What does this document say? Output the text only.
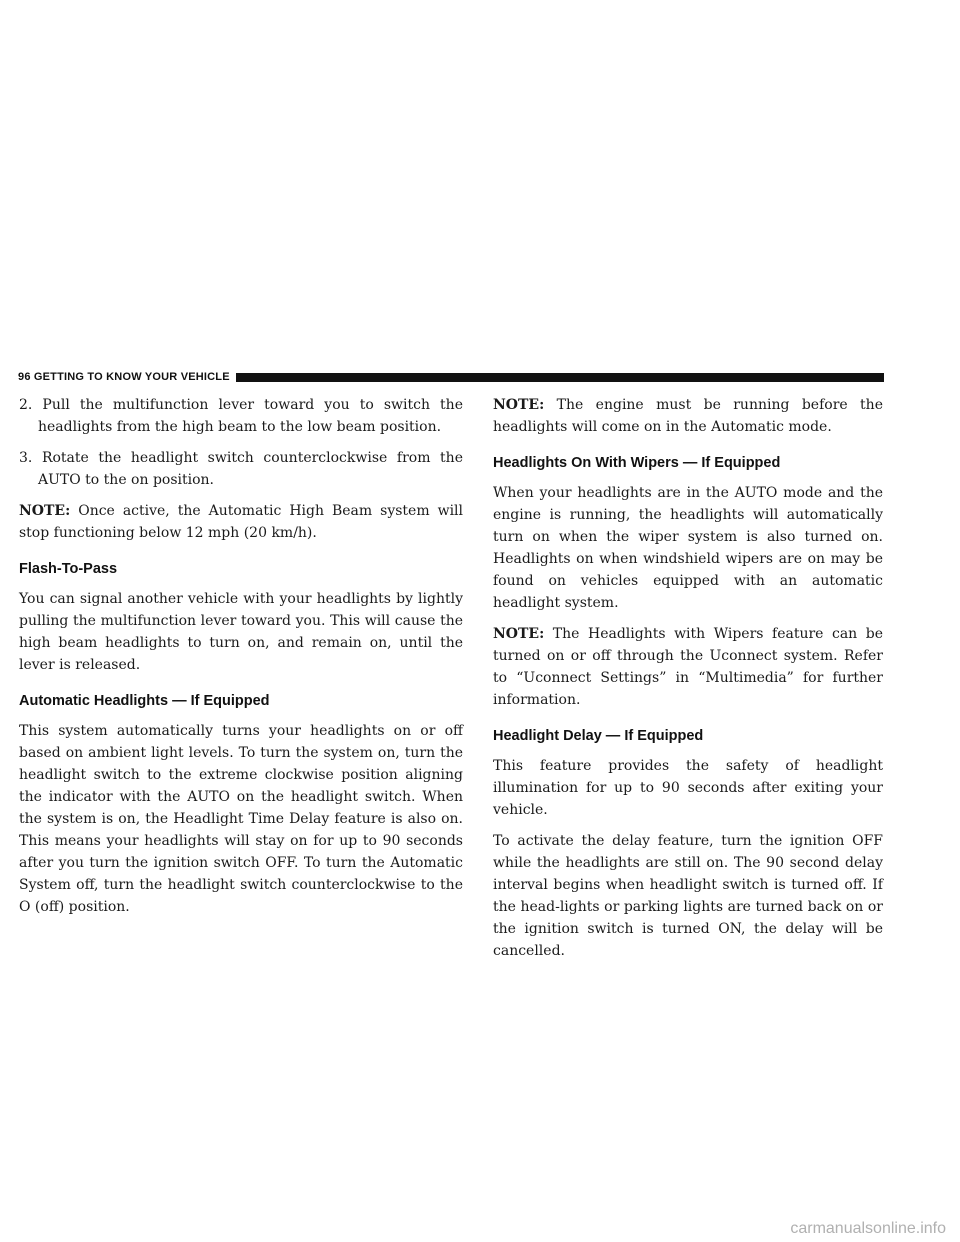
96 GETTING TO KNOW YOUR VEHICLE
2. Pull the multifunction lever toward you to switch the headlights from the high beam to the low beam position.
3. Rotate the headlight switch counterclockwise from the AUTO to the on position.

NOTE: Once active, the Automatic High Beam system will stop functioning below 12 mph (20 km/h).

Flash-To-Pass

You can signal another vehicle with your headlights by lightly pulling the multifunction lever toward you. This will cause the high beam headlights to turn on, and remain on, until the lever is released.

Automatic Headlights — If Equipped

This system automatically turns your headlights on or off based on ambient light levels. To turn the system on, turn the headlight switch to the extreme clockwise position aligning the indicator with the AUTO on the headlight switch. When the system is on, the Headlight Time Delay feature is also on. This means your headlights will stay on for up to 90 seconds after you turn the ignition switch OFF. To turn the Automatic System off, turn the headlight switch counterclockwise to the O (off) position.

NOTE: The engine must be running before the headlights will come on in the Automatic mode.

Headlights On With Wipers — If Equipped

When your headlights are in the AUTO mode and the engine is running, the headlights will automatically turn on when the wiper system is also turned on. Headlights on when windshield wipers are on may be found on vehicles equipped with an automatic headlight system.

NOTE: The Headlights with Wipers feature can be turned on or off through the Uconnect system. Refer to “Uconnect Settings” in “Multimedia” for further information.

Headlight Delay — If Equipped

This feature provides the safety of headlight illumination for up to 90 seconds after exiting your vehicle.

To activate the delay feature, turn the ignition OFF while the headlights are still on. The 90 second delay interval begins when headlight switch is turned off. If the head-lights or parking lights are turned back on or the ignition switch is turned ON, the delay will be cancelled.

carmanualsonline.info
